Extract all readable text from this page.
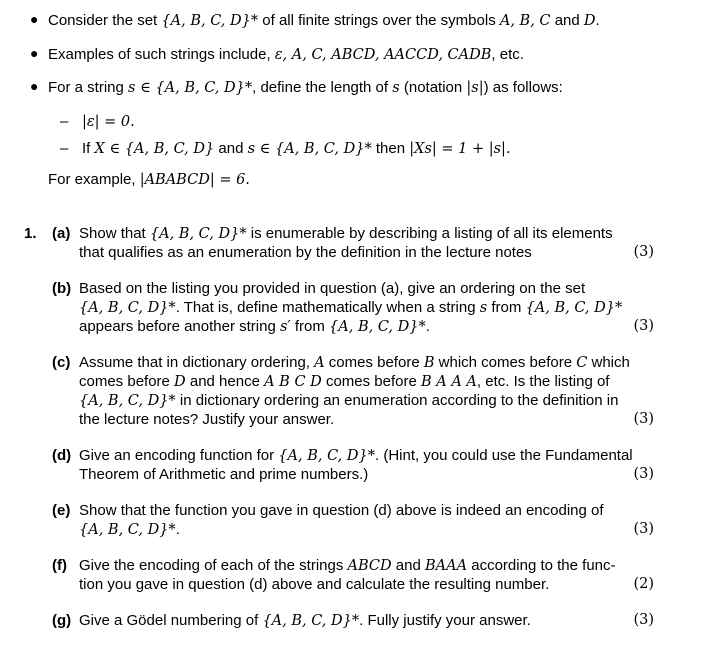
● Consider the set {A, B, C, D}* of all finite strings over the symbols A, B, C and D.
● Examples of such strings include, ε, A, C, ABCD, AACCD, CADB, etc.
● For a string s ∈ {A, B, C, D}*, define the length of s (notation |s|) as follows:
– |ε| = 0.
– If X ∈ {A, B, C, D} and s ∈ {A, B, C, D}* then |Xs| = 1 + |s|.
For example, |ABABCD| = 6.
1. (a) Show that {A, B, C, D}* is enumerable by describing a listing of all its elements
that qualifies as an enumeration by the definition in the lecture notes	(3)
(b) Based on the listing you provided in question (a), give an ordering on the set
{A, B, C, D}*. That is, define mathematically when a string s from {A, B, C, D}*
appears before another string s′ from {A, B, C, D}*.	(3)
(c) Assume that in dictionary ordering, A comes before B which comes before C which
comes before D and hence A B C D comes before B A A A, etc. Is the listing of
{A, B, C, D}* in dictionary ordering an enumeration according to the definition in
the lecture notes? Justify your answer.	(3)
(d) Give an encoding function for {A, B, C, D}*. (Hint, you could use the Fundamental
Theorem of Arithmetic and prime numbers.)	(3)
(e) Show that the function you gave in question (d) above is indeed an encoding of
{A, B, C, D}*.	(3)
(f) Give the encoding of each of the strings ABCD and BAAA according to the func-
tion you gave in question (d) above and calculate the resulting number.	(2)
(g) Give a Gödel numbering of {A, B, C, D}*. Fully justify your answer.	(3)
